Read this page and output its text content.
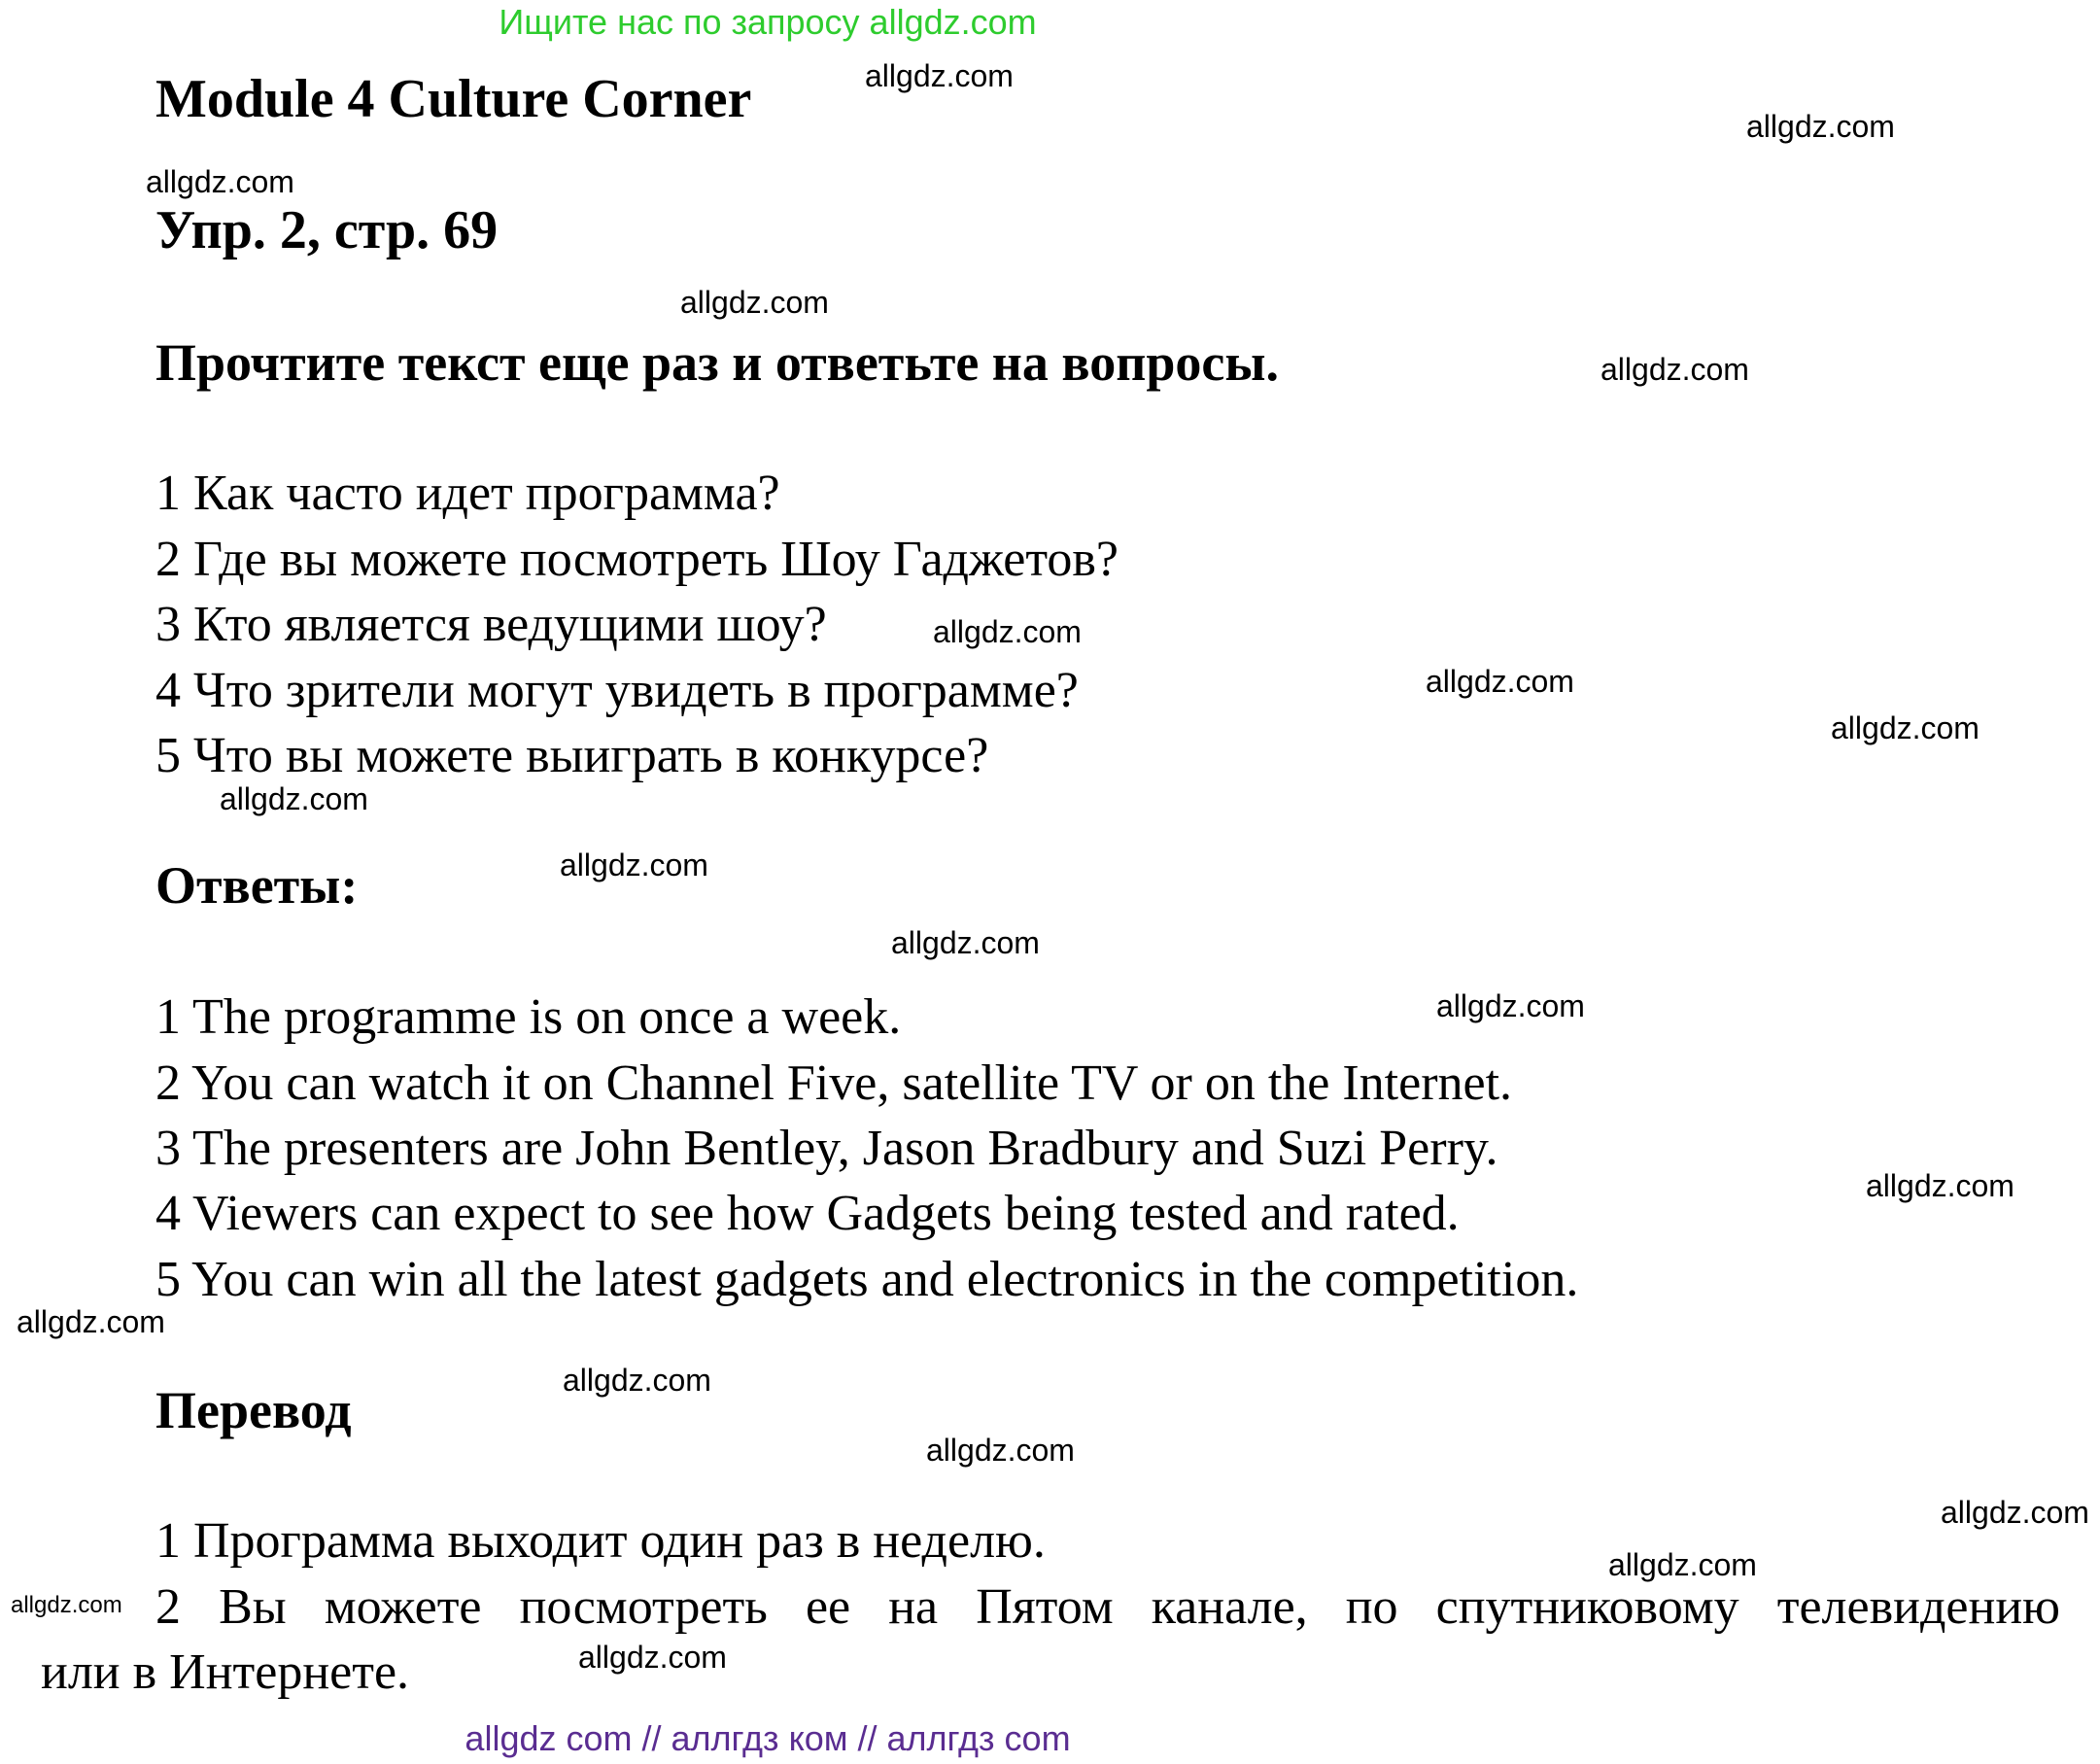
Ищите нас по запросу allgdz.com
Module 4 Culture Corner
Упр. 2, стр. 69
Прочтите текст еще раз и ответьте на вопросы.
1 Как часто идет программа?
2 Где вы можете посмотреть Шоу Гаджетов?
3 Кто является ведущими шоу?
4 Что зрители могут увидеть в программе?
5 Что вы можете выиграть в конкурсе?
Ответы:
1 The programme is on once a week.
2 You can watch it on Channel Five, satellite TV or on the Internet.
3 The presenters are John Bentley, Jason Bradbury and Suzi Perry.
4 Viewers can expect to see how Gadgets being tested and rated.
5 You can win all the latest gadgets and electronics in the competition.
Перевод
1 Программа выходит один раз в неделю.
2 Вы можете посмотреть ее на Пятом канале, по спутниковому телевидению
или в Интернете.
allgdz.com
allgdz.com
allgdz.com
allgdz.com
allgdz.com
allgdz.com
allgdz.com
allgdz.com
allgdz.com
allgdz.com
allgdz.com
allgdz.com
allgdz.com
allgdz.com
allgdz.com
allgdz.com
allgdz.com
allgdz.com
allgdz.com
allgdz.com
allgdz com // аллгдз ком // аллгдз com
